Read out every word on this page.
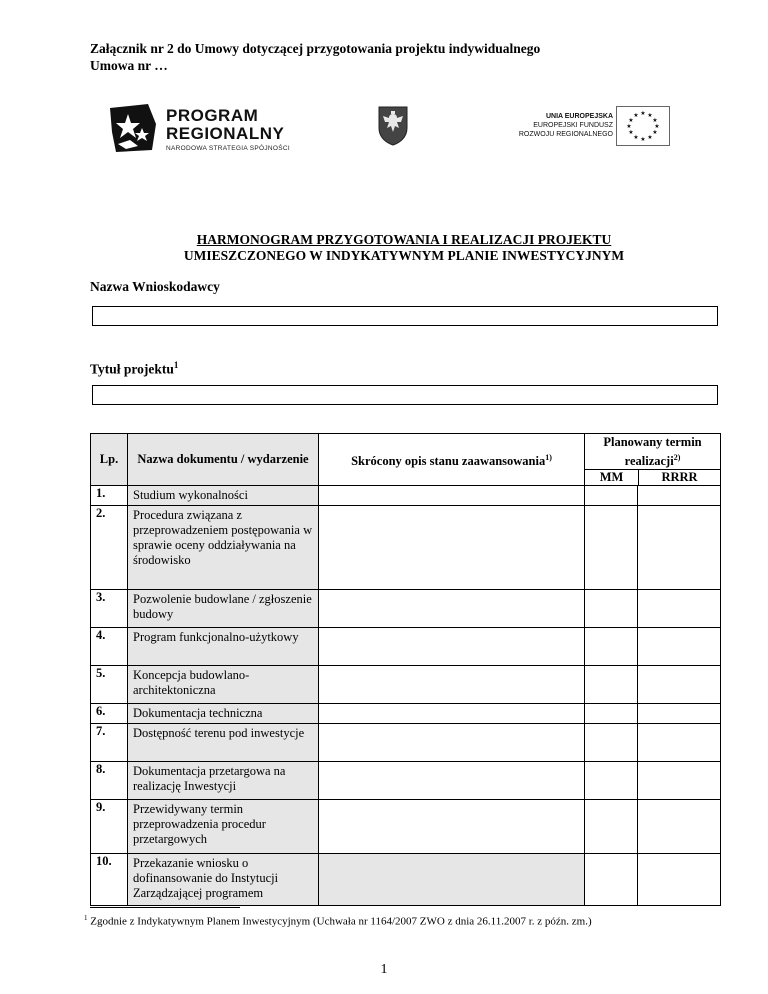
Załącznik nr 2 do Umowy dotyczącej przygotowania projektu indywidualnego
Umowa nr …
PROGRAM
REGIONALNY
NARODOWA STRATEGIA SPÓJNOŚCI
UNIA EUROPEJSKA
EUROPEJSKI FUNDUSZ
ROZWOJU REGIONALNEGO
★ ★
★
★
★
★
★
★
★
★
★
★
HARMONOGRAM PRZYGOTOWANIA I REALIZACJI PROJEKTU
UMIESZCZONEGO W INDYKATYWNYM PLANIE INWESTYCYJNYM
Nazwa Wnioskodawcy
Tytuł projektu$^1$
Lp.	Nazwa dokumentu / wydarzenie	Skrócony opis stanu zaawansowania$^{1)}$	Planowany termin
realizacji$^{2)}$
MM RRRR	

1.	Studium wykonalności			
2.	Procedura związana z przeprowadzeniem postępowania w sprawie oceny oddziaływania na środowisko			
3.	Pozwolenie budowlane / zgłoszenie budowy			
4.	Program funkcjonalno-użytkowy			
5.	Koncepcja budowlano-architektoniczna			
6.	Dokumentacja techniczna			
7.	Dostępność terenu pod inwestycje			
8.	Dokumentacja przetargowa na realizację Inwestycji			
9.	Przewidywany termin przeprowadzenia procedur przetargowych			
10.	Przekazanie wniosku o dofinansowanie do Instytucji Zarządzającej programem			
$^1$ Zgodnie z Indykatywnym Planem Inwestycyjnym (Uchwała nr 1164/2007 ZWO z dnia 26.11.2007 r. z późn. zm.)
1
